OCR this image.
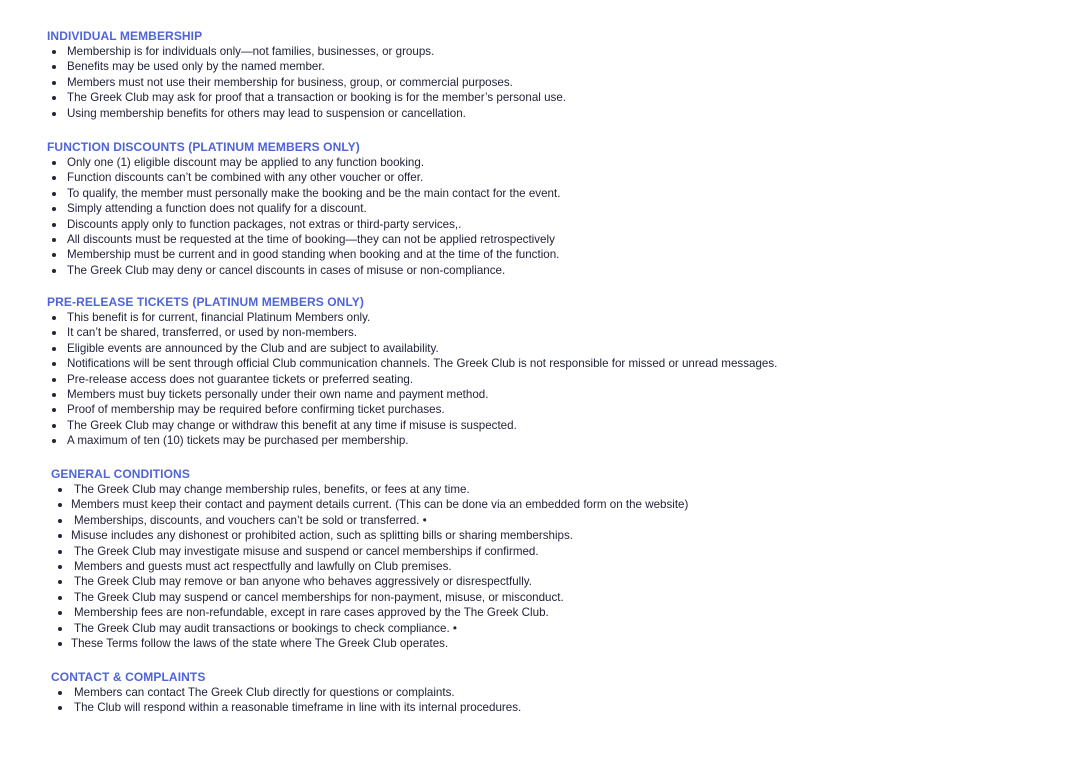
INDIVIDUAL MEMBERSHIP
Membership is for individuals only—not families, businesses, or groups.
Benefits may be used only by the named member.
Members must not use their membership for business, group, or commercial purposes.
The Greek Club may ask for proof that a transaction or booking is for the member’s personal use.
Using membership benefits for others may lead to suspension or cancellation.
FUNCTION DISCOUNTS (PLATINUM MEMBERS ONLY)
Only one (1) eligible discount may be applied to any function booking.
Function discounts can’t be combined with any other voucher or offer.
To qualify, the member must personally make the booking and be the main contact for the event.
Simply attending a function does not qualify for a discount.
Discounts apply only to function packages, not extras or third-party services,.
All discounts must be requested at the time of booking—they can not be applied retrospectively
Membership must be current and in good standing when booking and at the time of the function.
The Greek Club may deny or cancel discounts in cases of misuse or non-compliance.
PRE-RELEASE TICKETS (PLATINUM MEMBERS ONLY)
This benefit is for current, financial Platinum Members only.
It can’t be shared, transferred, or used by non-members.
Eligible events are announced by the Club and are subject to availability.
Notifications will be sent through official Club communication channels. The Greek Club is not responsible for missed or unread messages.
Pre-release access does not guarantee tickets or preferred seating.
Members must buy tickets personally under their own name and payment method.
Proof of membership may be required before confirming ticket purchases.
The Greek Club may change or withdraw this benefit at any time if misuse is suspected.
A maximum of ten (10) tickets may be purchased per membership.
GENERAL CONDITIONS
The Greek Club may change membership rules, benefits, or fees at any time.
Members must keep their contact and payment details current. (This can be done via an embedded form on the website)
Memberships, discounts, and vouchers can’t be sold or transferred. •
Misuse includes any dishonest or prohibited action, such as splitting bills or sharing memberships.
The Greek Club may investigate misuse and suspend or cancel memberships if confirmed.
Members and guests must act respectfully and lawfully on Club premises.
The Greek Club may remove or ban anyone who behaves aggressively or disrespectfully.
The Greek Club may suspend or cancel memberships for non-payment, misuse, or misconduct.
Membership fees are non-refundable, except in rare cases approved by the The Greek Club.
The Greek Club may audit transactions or bookings to check compliance. •
These Terms follow the laws of the state where The Greek Club operates.
CONTACT & COMPLAINTS
Members can contact The Greek Club directly for questions or complaints.
The Club will respond within a reasonable timeframe in line with its internal procedures.
